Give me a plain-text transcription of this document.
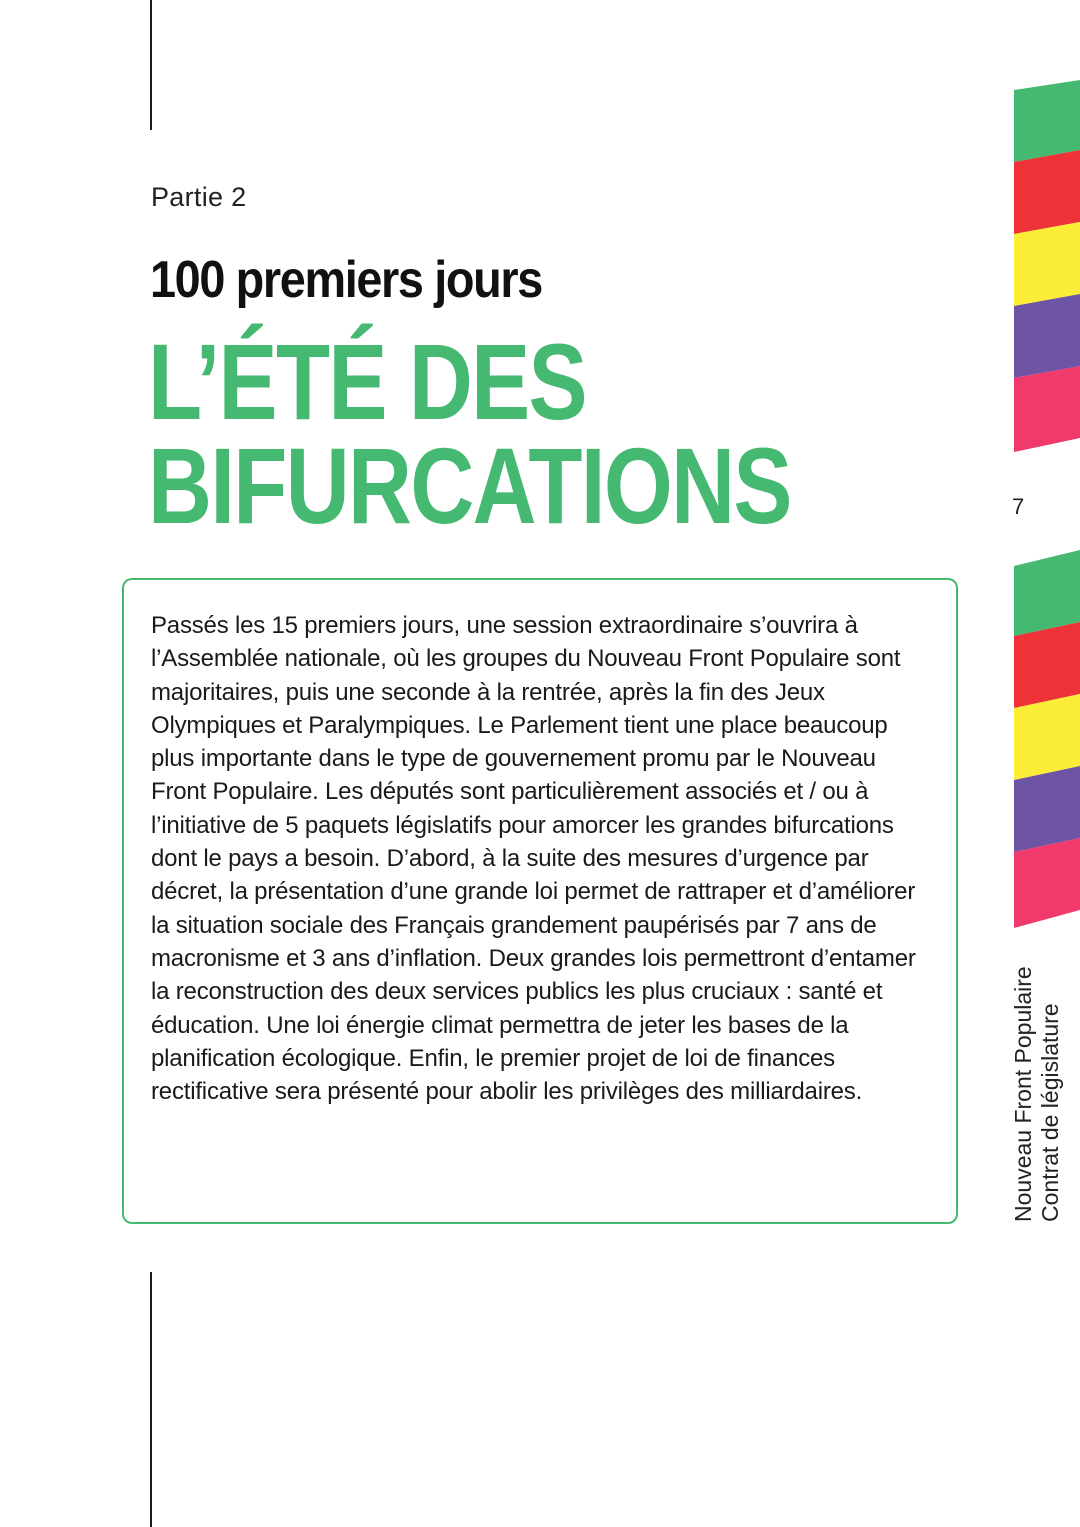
Partie 2
100 premiers jours
L’ÉTÉ DES
BIFURCATIONS

Passés les 15 premiers jours, une session extraordinaire s’ouvrira à l’Assemblée nationale, où les groupes du Nouveau Front Populaire sont majoritaires, puis une seconde à la rentrée, après la fin des Jeux Olympiques et Paralympiques. Le Parlement tient une place beaucoup plus importante dans le type de gouvernement promu par le Nouveau Front Populaire. Les députés sont particulièrement associés et / ou à l’initiative de 5 paquets législatifs pour amorcer les grandes bifurcations dont le pays a besoin. D’abord, à la suite des mesures d’urgence par décret, la présentation d’une grande loi permet de rattraper et d’améliorer la situation sociale des Français grandement paupérisés par 7 ans de macronisme et 3 ans d’inflation. Deux grandes lois permettront d’entamer la reconstruction des deux services publics les plus cruciaux : santé et éducation. Une loi énergie climat permettra de jeter les bases de la planification écologique. Enfin, le premier projet de loi de finances rectificative sera présenté pour abolir les privilèges des milliardaires.

7
Nouveau Front Populaire Contrat de législature
